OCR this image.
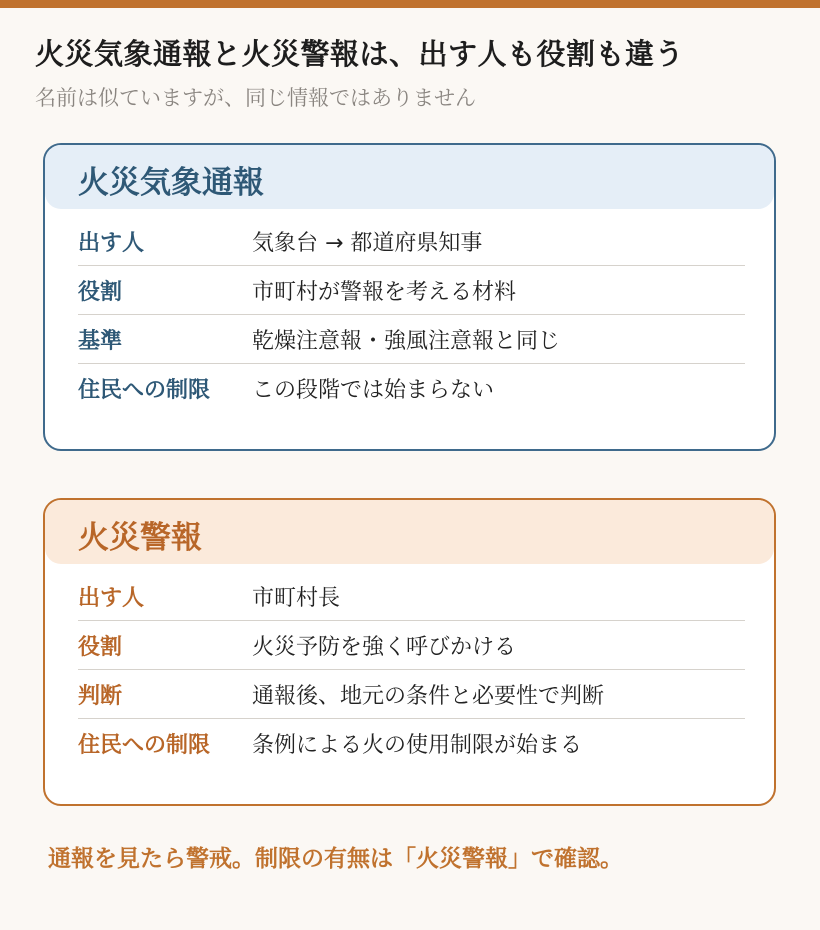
火災気象通報と火災警報は、出す人も役割も違う
名前は似ていますが、同じ情報ではありません
火災気象通報
出す人	気象台 → 都道府県知事
役割	市町村が警報を考える材料
基準	乾燥注意報・強風注意報と同じ
住民への制限	この段階では始まらない
火災警報
出す人	市町村長
役割	火災予防を強く呼びかける
判断	通報後、地元の条件と必要性で判断
住民への制限	条例による火の使用制限が始まる
通報を見たら警戒。制限の有無は「火災警報」で確認。
